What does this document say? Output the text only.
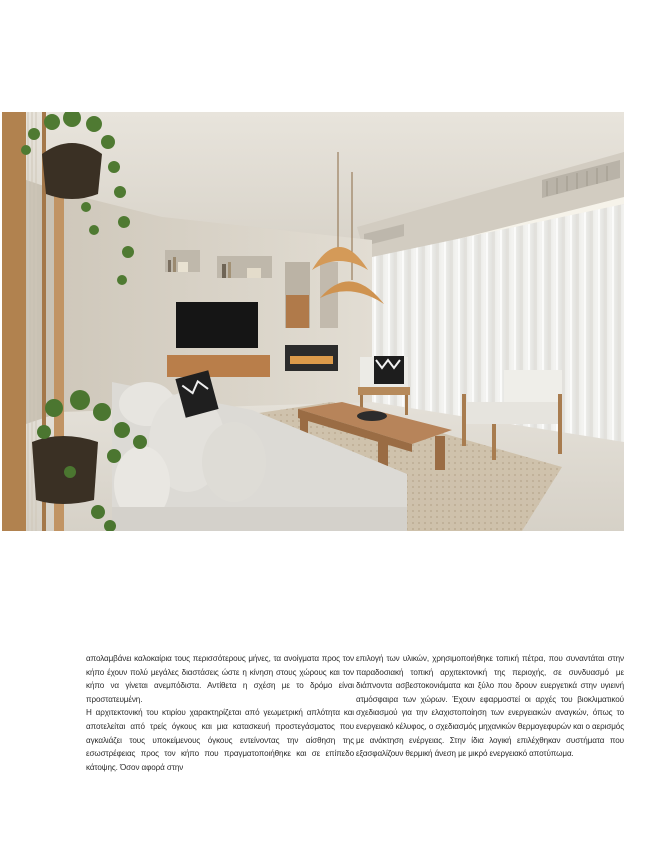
απολαμβάνει καλοκαίρια τους περισσότερους μήνες, τα ανοίγματα προς τον κήπο έχουν πολύ μεγάλες διαστάσεις ώστε η κίνηση στους χώρους και τον κήπο να γίνεται ανεμπόδιστα. Αντίθετα η σχέση με το δρόμο είναι προστατευμένη.

Η αρχιτεκτονική του κτιρίου χαρακτηρίζεται από γεωμετρική απλότητα και αποτελείται από τρείς όγκους και μια κατασκευή προστεγάσματος που αγκαλιάζει τους υποκείμενους όγκους εντείνοντας την αίσθηση της εσωστρέφειας προς τον κήπο που πραγματοποιήθηκε και σε επίπεδο κάτοψης. Όσον αφορά στην

επιλογή των υλικών, χρησιμοποιήθηκε τοπική πέτρα, που συναντάται στην παραδοσιακή τοπική αρχιτεκτονική της περιοχής, σε συνδυασμό με διάπνοντα ασβεστοκονιάματα και ξύλο που δρουν ευεργετικά στην υγιεινή ατμόσφαιρα των χώρων. Έχουν εφαρμοστεί οι αρχές του βιοκλιματικού σχεδιασμού για την ελαχιστοποίηση των ενεργειακών αναγκών, όπως το ενεργειακό κέλυφος, ο σχεδιασμός μηχανικών θερμογεφυρών και ο αερισμός με ανάκτηση ενέργειας. Στην ίδια λογική επιλέχθηκαν συστήματα που εξασφαλίζουν θερμική άνεση με μικρό ενεργειακό αποτύπωμα.
